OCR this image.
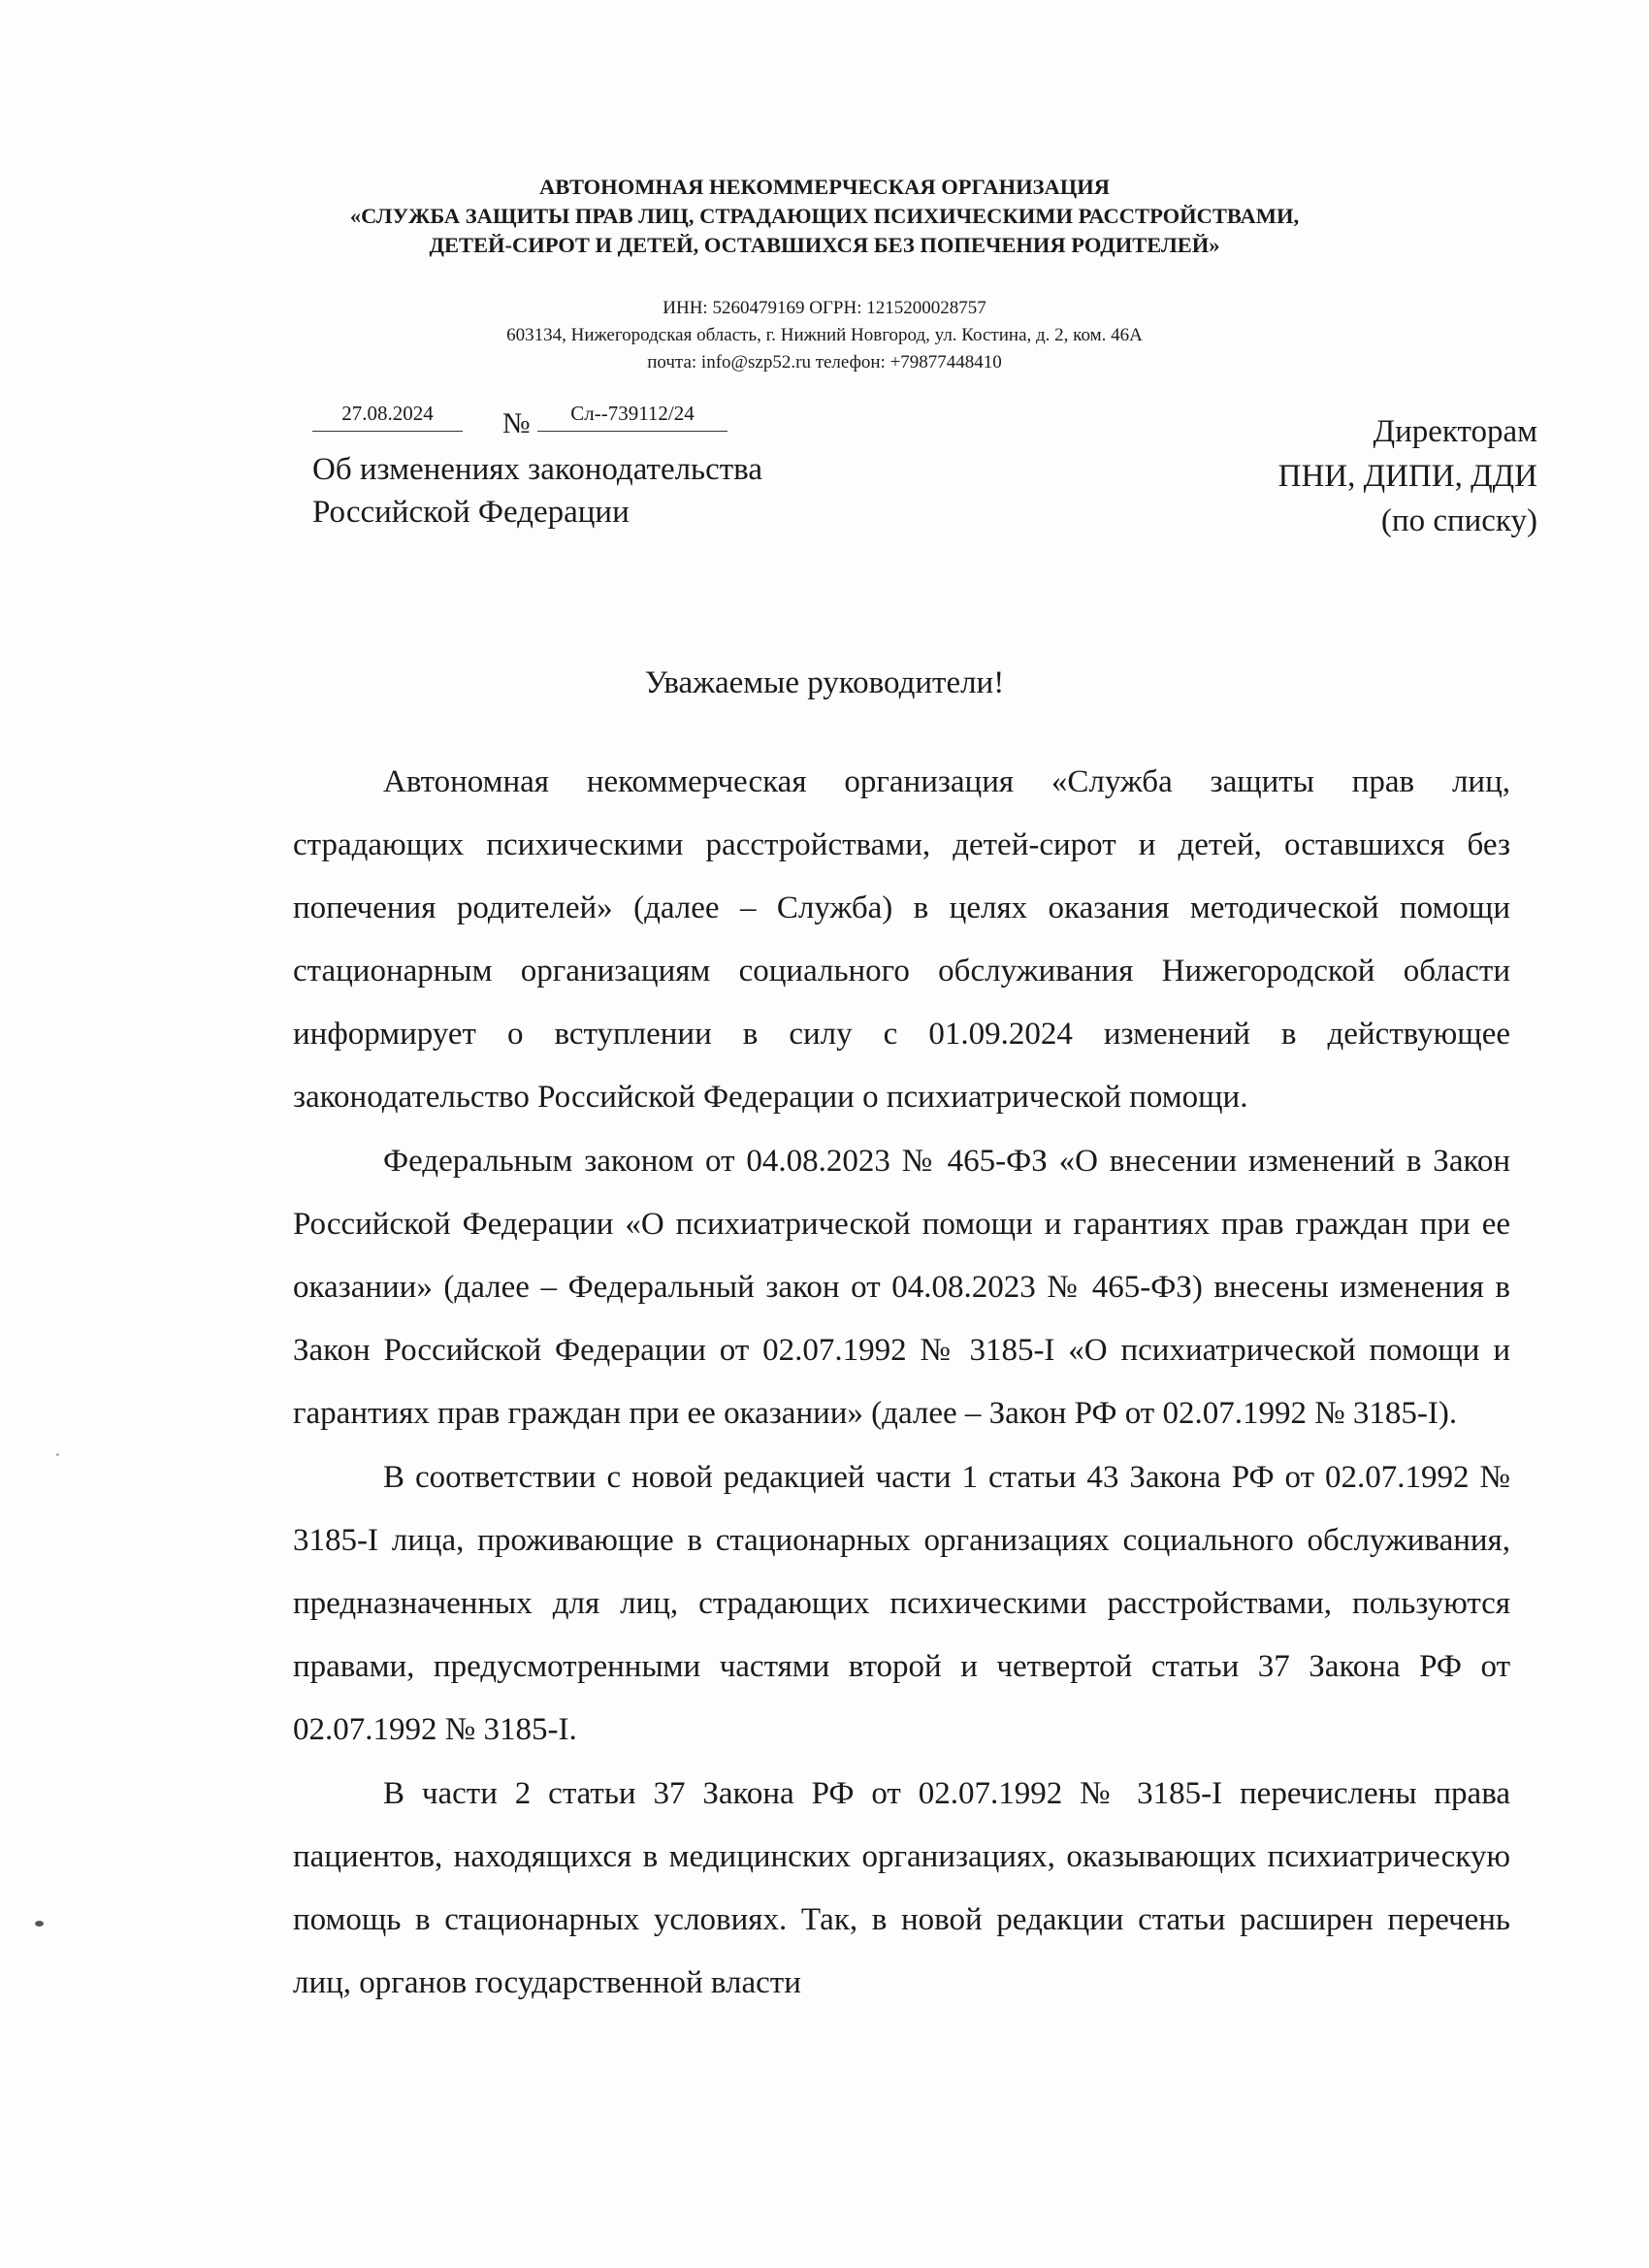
АВТОНОМНАЯ НЕКОММЕРЧЕСКАЯ ОРГАНИЗАЦИЯ
«СЛУЖБА ЗАЩИТЫ ПРАВ ЛИЦ, СТРАДАЮЩИХ ПСИХИЧЕСКИМИ РАССТРОЙСТВАМИ,
ДЕТЕЙ-СИРОТ И ДЕТЕЙ, ОСТАВШИХСЯ БЕЗ ПОПЕЧЕНИЯ РОДИТЕЛЕЙ»
ИНН: 5260479169 ОГРН: 1215200028757
603134, Нижегородская область, г. Нижний Новгород, ул. Костина, д. 2, ком. 46А
почта: info@szp52.ru телефон: +79877448410
27.08.2024	№	Сл--739112/24
Об изменениях законодательства
Российской Федерации
Директорам
ПНИ, ДИПИ, ДДИ
(по списку)
Уважаемые руководители!

Автономная некоммерческая организация «Служба защиты прав лиц, страдающих психическими расстройствами, детей-сирот и детей, оставшихся без попечения родителей» (далее – Служба) в целях оказания методической помощи стационарным организациям социального обслуживания Нижегородской области информирует о вступлении в силу с 01.09.2024 изменений в действующее законодательство Российской Федерации о психиатрической помощи.

Федеральным законом от 04.08.2023 № 465-ФЗ «О внесении изменений в Закон Российской Федерации «О психиатрической помощи и гарантиях прав граждан при ее оказании» (далее – Федеральный закон от 04.08.2023 № 465-ФЗ) внесены изменения в Закон Российской Федерации от 02.07.1992 № 3185-I «О психиатрической помощи и гарантиях прав граждан при ее оказании» (далее – Закон РФ от 02.07.1992 № 3185-I).

В соответствии с новой редакцией части 1 статьи 43 Закона РФ от 02.07.1992 № 3185-I лица, проживающие в стационарных организациях социального обслуживания, предназначенных для лиц, страдающих психическими расстройствами, пользуются правами, предусмотренными частями второй и четвертой статьи 37 Закона РФ от 02.07.1992 № 3185-I.

В части 2 статьи 37 Закона РФ от 02.07.1992 № 3185-I перечислены права пациентов, находящихся в медицинских организациях, оказывающих психиатрическую помощь в стационарных условиях. Так, в новой редакции статьи расширен перечень лиц, органов государственной власти
